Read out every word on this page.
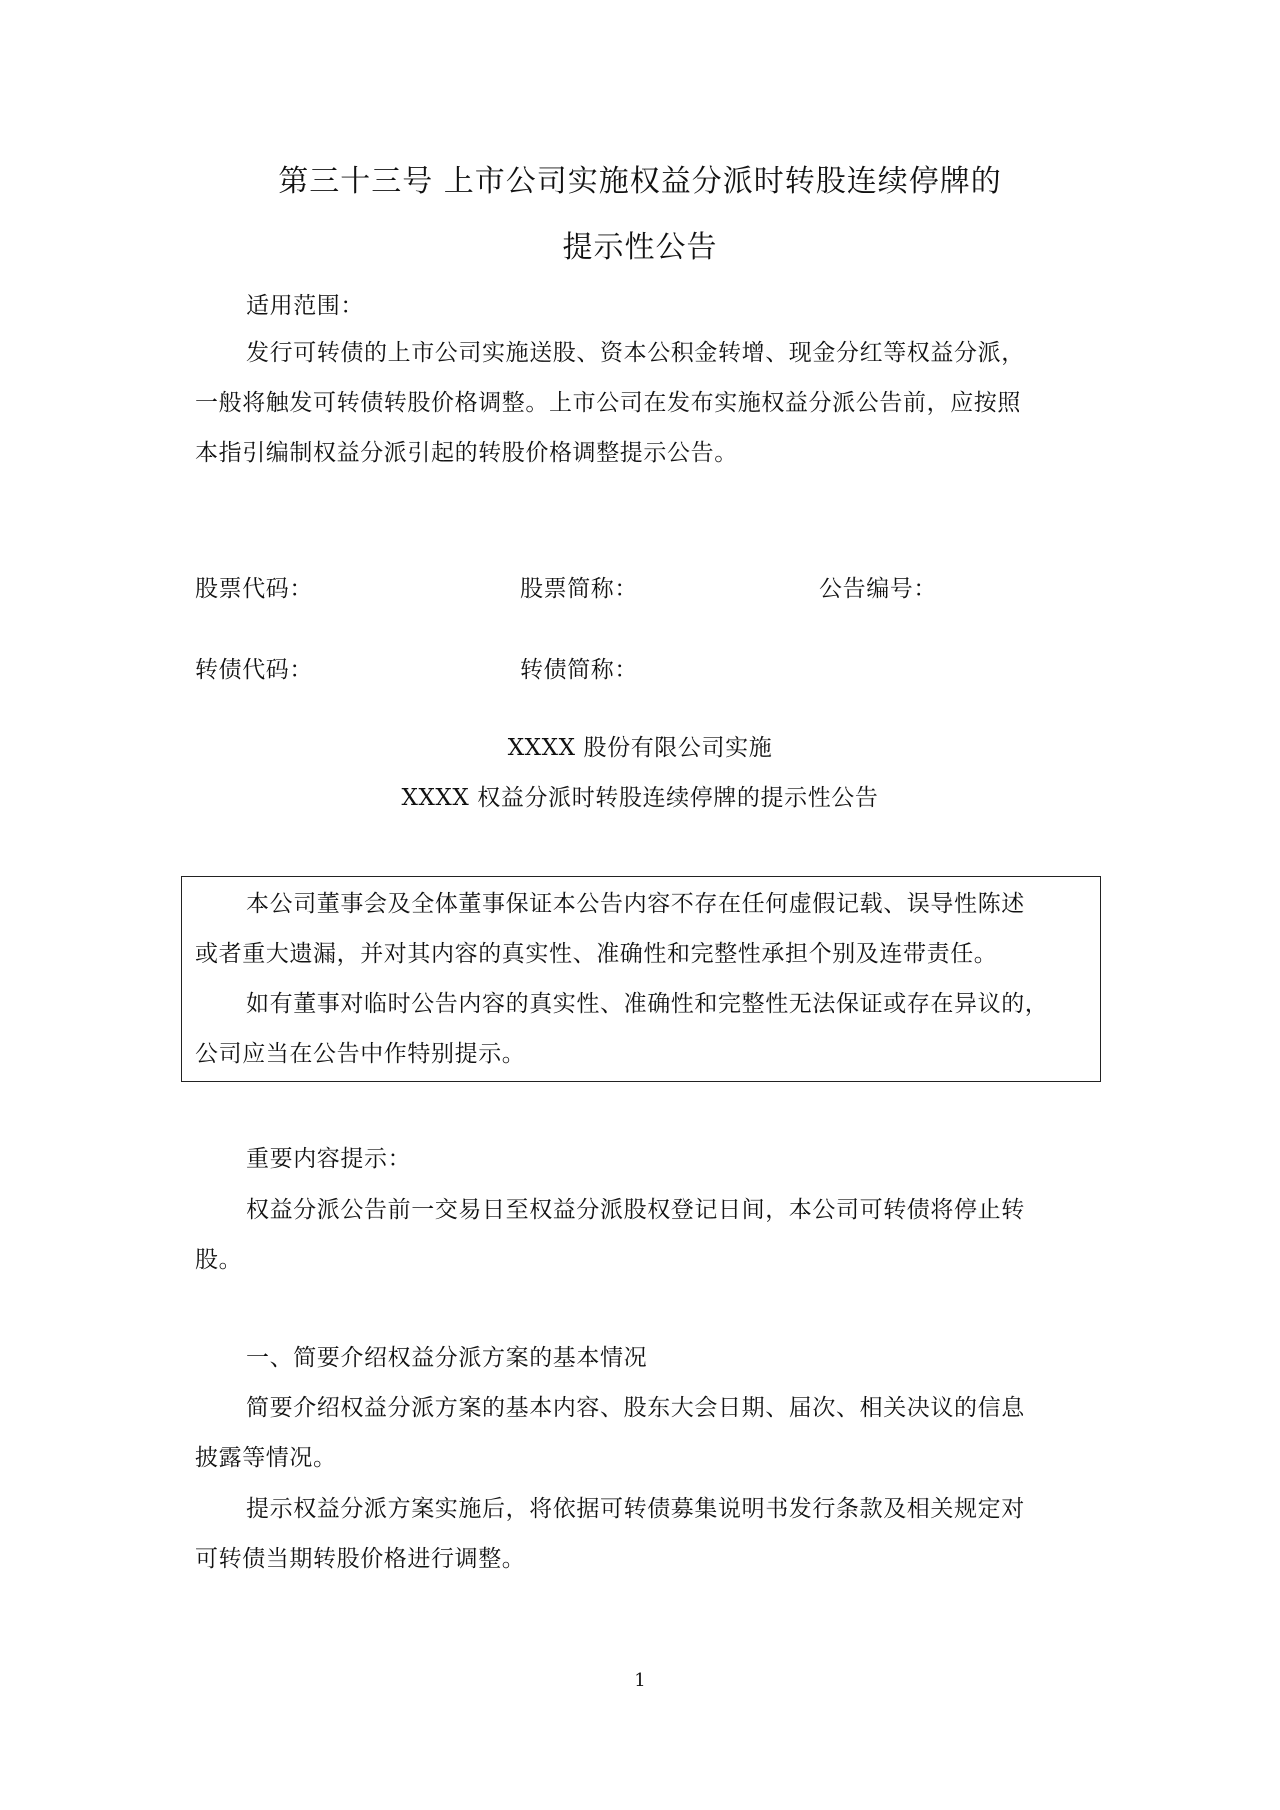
第三十三号 上市公司实施权益分派时转股连续停牌的
提示性公告
适用范围：
发行可转债的上市公司实施送股、资本公积金转增、现金分红等权益分派，
一般将触发可转债转股价格调整。上市公司在发布实施权益分派公告前，应按照
本指引编制权益分派引起的转股价格调整提示公告。
股票代码：	股票简称：	公告编号：
转债代码：	转债简称：
XXXX 股份有限公司实施
XXXX 权益分派时转股连续停牌的提示性公告
本公司董事会及全体董事保证本公告内容不存在任何虚假记载、误导性陈述
或者重大遗漏，并对其内容的真实性、准确性和完整性承担个别及连带责任。
如有董事对临时公告内容的真实性、准确性和完整性无法保证或存在异议的，
公司应当在公告中作特别提示。
重要内容提示：
权益分派公告前一交易日至权益分派股权登记日间，本公司可转债将停止转
股。
一、简要介绍权益分派方案的基本情况
简要介绍权益分派方案的基本内容、股东大会日期、届次、相关决议的信息
披露等情况。
提示权益分派方案实施后，将依据可转债募集说明书发行条款及相关规定对
可转债当期转股价格进行调整。
1
